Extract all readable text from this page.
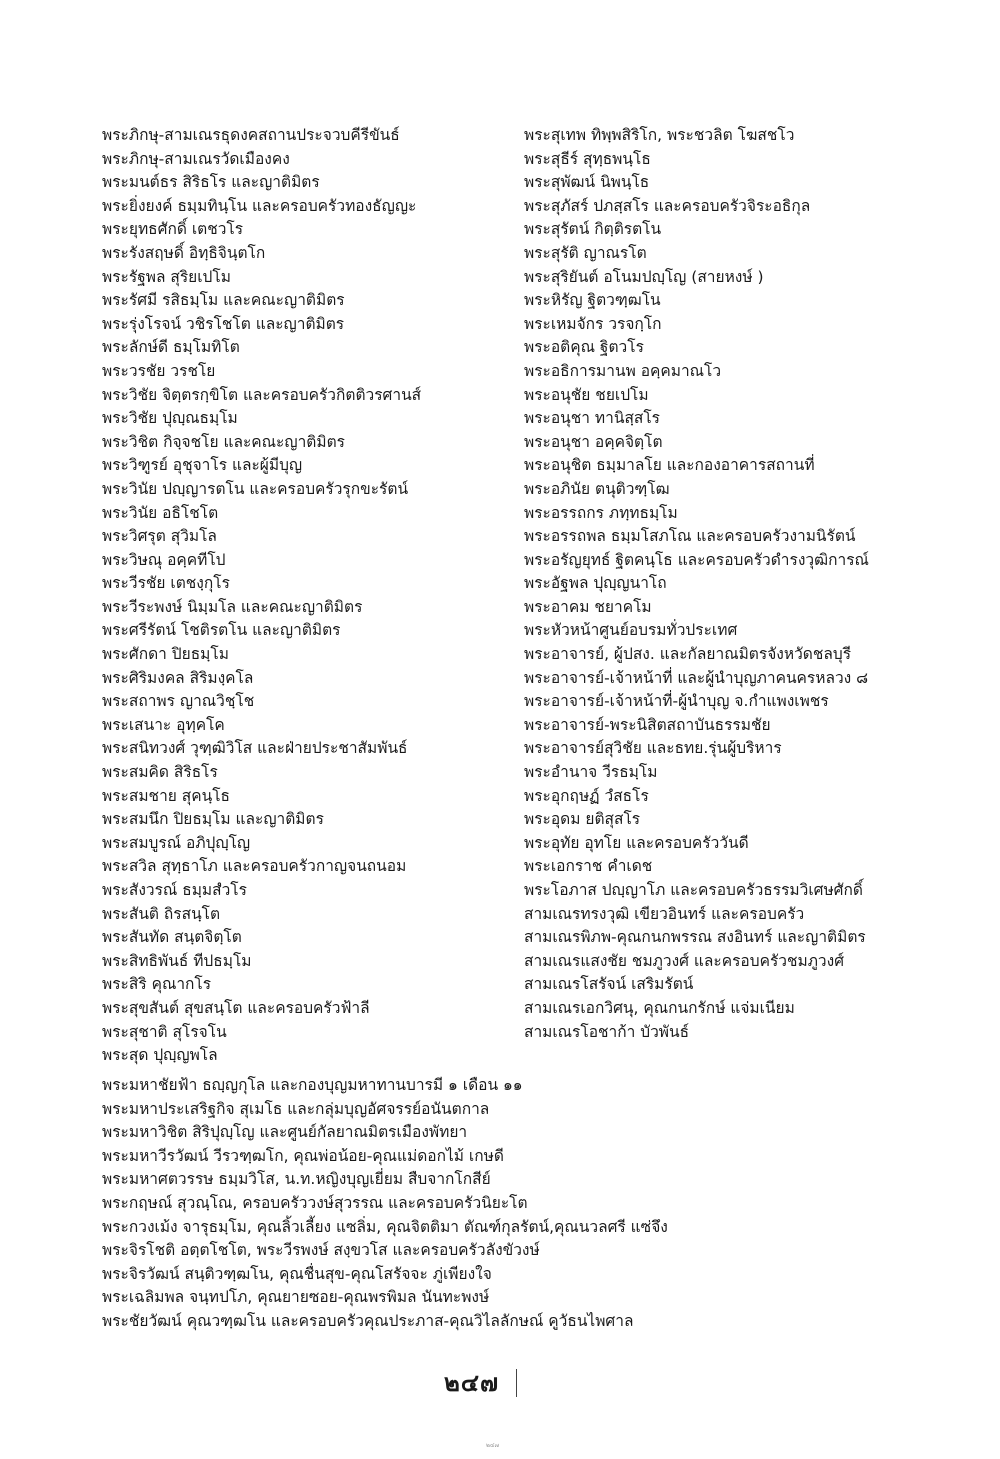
พระภิกษุ-สามเณรธุดงคสถานประจวบคีรีขันธ์
พระภิกษุ-สามเณรวัดเมืองคง
พระมนต์ธร สิริธโร และญาติมิตร
พระยิ่งยงค์ ธมฺมทินฺโน และครอบครัวทองธัญญะ
พระยุทธศักดิ์ เตชวโร
พระรังสฤษดิ์ อิทฺธิจินฺตโก
พระรัฐพล สุริยเปโม
พระรัศมี รสิธมฺโม และคณะญาติมิตร
พระรุ่งโรจน์ วชิรโชโต และญาติมิตร
พระลักษ์ดี ธมฺโมทิโต
พระวรชัย วรชโย
พระวิชัย จิตฺตรกฺขิโต และครอบครัวกิตติวรศานส์
พระวิชัย ปุญฺณธมฺโม
พระวิชิต กิจฺจชโย และคณะญาติมิตร
พระวิฑูรย์ อุชุจาโร และผู้มีบุญ
พระวินัย ปญฺญารตโน และครอบครัวรุกขะรัตน์
พระวินัย อธิโชโต
พระวิศรุต สุวิมโล
พระวิษณุ อคฺคทีโป
พระวีรชัย เตชงฺกุโร
พระวีระพงษ์ นิมฺมโล และคณะญาติมิตร
พระศรีรัตน์ โชติรตโน และญาติมิตร
พระศักดา ปิยธมฺโม
พระศิริมงคล สิริมงฺคโล
พระสถาพร ญาณวิชฺโช
พระเสนาะ อุทฺคโค
พระสนิทวงศ์ วุฑฺฒิวิโส และฝ่ายประชาสัมพันธ์
พระสมคิด สิริธโร
พระสมชาย สุคนฺโธ
พระสมนึก ปิยธมฺโม และญาติมิตร
พระสมบูรณ์ อภิปุญฺโญ
พระสวิล สุทฺธาโภ และครอบครัวกาญจนถนอม
พระสังวรณ์ ธมฺมสํวโร
พระสันติ ถิรสนฺโต
พระสันทัด สนฺตจิตฺโต
พระสิทธิพันธ์ ทีปธมฺโม
พระสิริ คุณากโร
พระสุขสันต์ สุขสนฺโต และครอบครัวฟ้าลี
พระสุชาติ สุโรจโน
พระสุด ปุญฺญพโล
พระสุเทพ ทิพฺพสิริโก, พระชวลิต โฆสชโว
พระสุธีร์ สุทฺธพนฺโธ
พระสุพัฒน์ นิพนฺโธ
พระสุภัสร์ ปภสฺสโร และครอบครัวจิระอธิกุล
พระสุรัตน์ กิตฺติรตโน
พระสุรัติ ญาณรโต
พระสุริยันต์ อโนมปญฺโญ (สายหงษ์ )
พระหิรัญ ฐิตวฑฺฒโน
พระเหมจักร วรจกฺโก
พระอติคุณ ฐิตวโร
พระอธิการมานพ อคฺคมาณโว
พระอนุชัย ชยเปโม
พระอนุชา ทานิสฺสโร
พระอนุชา อคฺคจิตฺโต
พระอนุชิต ธมฺมาลโย และกองอาคารสถานที่
พระอภินัย ตนุติวฑฺโฒ
พระอรรถกร ภทฺทธมฺโม
พระอรรถพล ธมฺมโสภโณ และครอบครัวงามนิรัตน์
พระอรัญยุทธ์ ฐิตคนฺโธ และครอบครัวดำรงวุฒิการณ์
พระอัฐพล ปุญฺญนาโถ
พระอาคม ชยาคโม
พระหัวหน้าศูนย์อบรมทั่วประเทศ
พระอาจารย์, ผู้ปสง. และกัลยาณมิตรจังหวัดชลบุรี
พระอาจารย์-เจ้าหน้าที่ และผู้นำบุญภาคนครหลวง ๘
พระอาจารย์-เจ้าหน้าที่-ผู้นำบุญ จ.กำแพงเพชร
พระอาจารย์-พระนิสิตสถาบันธรรมชัย
พระอาจารย์สุวิชัย และธทย.รุ่นผู้บริหาร
พระอำนาจ วีรธมฺโม
พระอุกฤษฏ์ วํสธโร
พระอุดม ยติสุสโร
พระอุทัย อุทโย และครอบครัววันดี
พระเอกราช คำเดช
พระโอภาส ปญฺญาโภ และครอบครัวธรรมวิเศษศักดิ์
สามเณรทรงวุฒิ เขียวอินทร์ และครอบครัว
สามเณรพิภพ-คุณกนกพรรณ สงอินทร์ และญาติมิตร
สามเณรแสงชัย ชมภูวงศ์ และครอบครัวชมภูวงศ์
สามเณรโสรัจน์ เสริมรัตน์
สามเณรเอกวิศนุ, คุณกนกรักษ์ แจ่มเนียม
สามเณรโอชาก้า บัวพันธ์
พระมหาชัยฟ้า ธญฺญกุโล และกองบุญมหาทานบารมี ๑ เดือน ๑๑
พระมหาประเสริฐกิจ สุเมโธ และกลุ่มบุญอัศจรรย์อนันตกาล
พระมหาวิชิต สิริปุญฺโญ และศูนย์กัลยาณมิตรเมืองพัทยา
พระมหาวีรวัฒน์ วีรวฑฺฒโก, คุณพ่อน้อย-คุณแม่ดอกไม้ เกษดี
พระมหาศตวรรษ ธมฺมวิโส, น.ท.หญิงบุญเยี่ยม สืบจากโกสีย์
พระกฤษณ์ สุวณฺโณ, ครอบครัววงษ์สุวรรณ และครอบครัวนิยะโต
พระกวงเม้ง จารุธมฺโม, คุณลิ้วเลี้ยง แซลิ่ม, คุณจิตติมา ตัณฑ์กุลรัตน์,คุณนวลศรี แซ่จึง
พระจิรโชติ อตฺตโชโต, พระวีรพงษ์ สงฺขวโส และครอบครัวลังขัวงษ์
พระจิรวัฒน์ สนฺติวฑฺฒโน, คุณชื่นสุข-คุณโสรัจจะ ภู่เพียงใจ
พระเฉลิมพล จนฺทปโภ, คุณยายซอย-คุณพรพิมล นันทะพงษ์
พระชัยวัฒน์ คุณวฑฺฒโน และครอบครัวคุณประภาส-คุณวิไลลักษณ์ คูวัธนไพศาล
๒๔๗
๒๔๗
